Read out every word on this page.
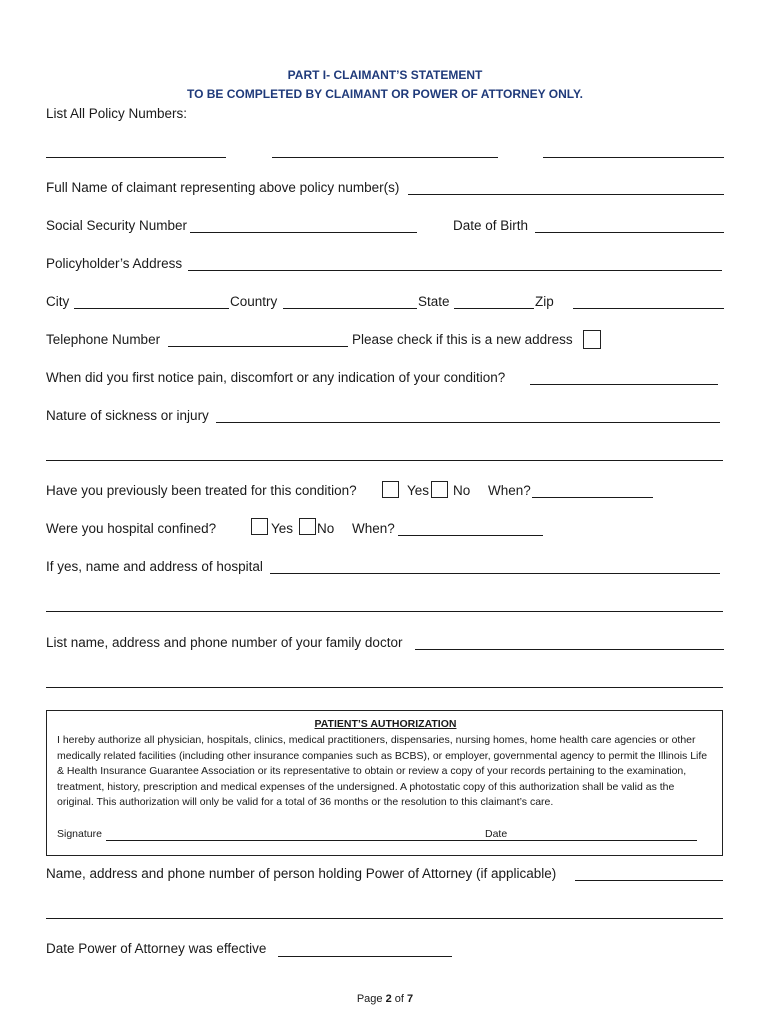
PART I- CLAIMANT’S STATEMENT
TO BE COMPLETED BY CLAIMANT OR POWER OF ATTORNEY ONLY.
List All Policy Numbers:
Full Name of claimant representing above policy number(s)
Social Security Number	Date of Birth
Policyholder’s Address
City	Country	State	Zip
Telephone Number	Please check if this is a new address
When did you first notice pain, discomfort or any indication of your condition?
Nature of sickness or injury
Have you previously been treated for this condition?	Yes No When?
Were you hospital confined?	Yes No When?
If yes, name and address of hospital
List name, address and phone number of your family doctor
PATIENT’S AUTHORIZATION
I hereby authorize all physician, hospitals, clinics, medical practitioners, dispensaries, nursing homes, home health care agencies or other medically related facilities (including other insurance companies such as BCBS), or employer, governmental agency to permit the Illinois Life & Health Insurance Guarantee Association or its representative to obtain or review a copy of your records pertaining to the examination, treatment, history, prescription and medical expenses of the undersigned. A photostatic copy of this authorization shall be valid as the original. This authorization will only be valid for a total of 36 months or the resolution to this claimant’s care.
Signature	Date
Name, address and phone number of person holding Power of Attorney (if applicable)
Date Power of Attorney was effective
Page 2 of 7
